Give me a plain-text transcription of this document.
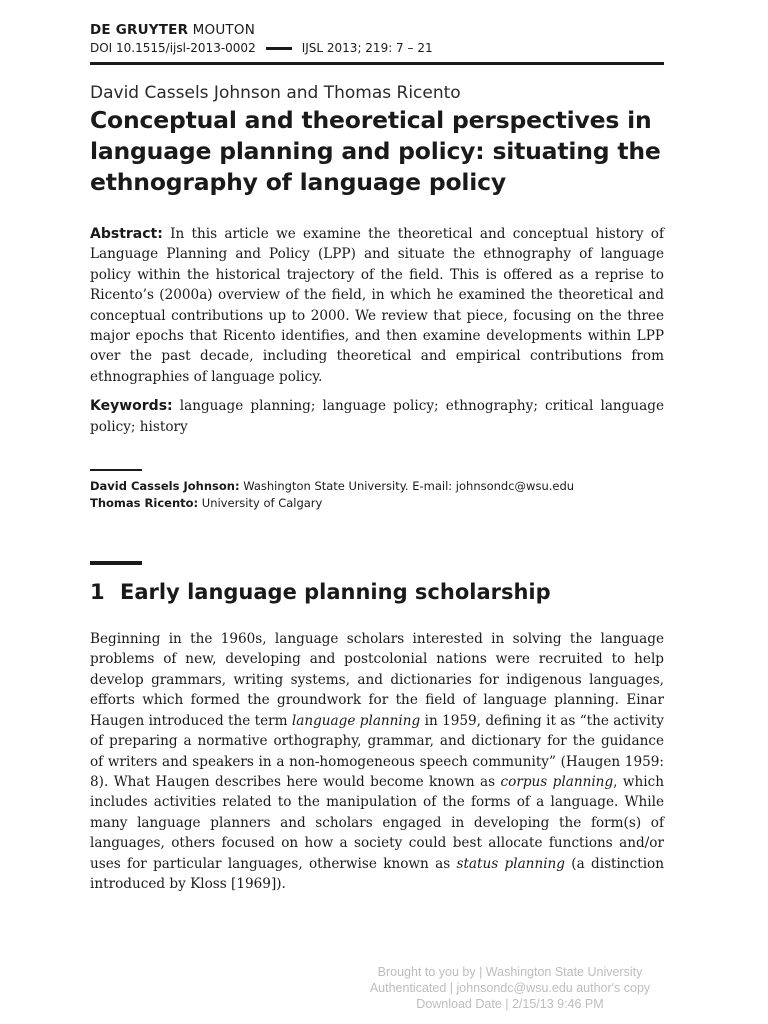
DE GRUYTER MOUTON
DOI 10.1515/ijsl-2013-0002	IJSL 2013; 219: 7 – 21
David Cassels Johnson and Thomas Ricento
Conceptual and theoretical perspectives in language planning and policy: situating the ethnography of language policy
Abstract: In this article we examine the theoretical and conceptual history of Language Planning and Policy (LPP) and situate the ethnography of language policy within the historical trajectory of the field. This is offered as a reprise to Ricento’s (2000a) overview of the field, in which he examined the theoretical and conceptual contributions up to 2000. We review that piece, focusing on the three major epochs that Ricento identifies, and then examine developments within LPP over the past decade, including theoretical and empirical contributions from ethnographies of language policy.
Keywords: language planning; language policy; ethnography; critical language policy; history
David Cassels Johnson: Washington State University. E-mail: johnsondc@wsu.edu
Thomas Ricento: University of Calgary
1 Early language planning scholarship

Beginning in the 1960s, language scholars interested in solving the language problems of new, developing and postcolonial nations were recruited to help develop grammars, writing systems, and dictionaries for indigenous languages, efforts which formed the groundwork for the field of language planning. Einar Haugen introduced the term language planning in 1959, defining it as “the activity of preparing a normative orthography, grammar, and dictionary for the guidance of writers and speakers in a non-homogeneous speech community” (Haugen 1959: 8). What Haugen describes here would become known as corpus planning, which includes activities related to the manipulation of the forms of a language. While many language planners and scholars engaged in developing the form(s) of languages, others focused on how a society could best allocate functions and/or uses for particular languages, otherwise known as status planning (a distinction introduced by Kloss [1969]).

Brought to you by | Washington State University
Authenticated | johnsondc@wsu.edu author's copy
Download Date | 2/15/13 9:46 PM
